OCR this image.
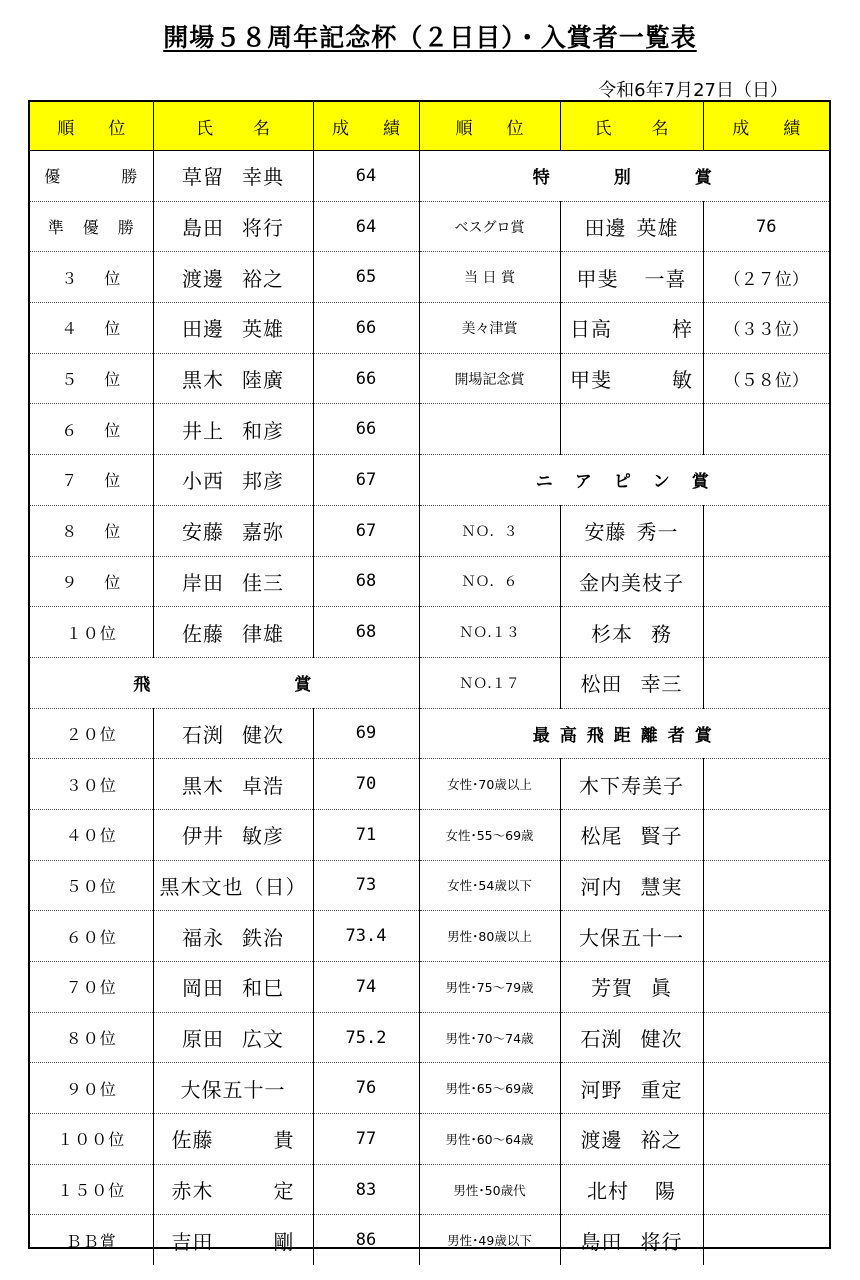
開場５８周年記念杯（２日目）・入賞者一覧表
令和6年7月27日（日）
順 位	氏 名	成 績	順 位	氏 名	成 績
優 勝	草留 幸典	64	特 別 賞		
準 優 勝	島田 将行	64	ベスグロ賞	田邊 英雄	76
３ 位	渡邊 裕之	65	当 日 賞	甲斐 一喜	（２７位）
４ 位	田邊 英雄	66	美々津賞	日高 梓	（３３位）
５ 位	黒木 陸廣	66	開場記念賞	甲斐 敏	（５８位）
６ 位	井上 和彦	66			
７ 位	小西 邦彦	67	ニ ア ピ ン 賞		
８ 位	安藤 嘉弥	67	ＮＯ．３	安藤 秀一	
９ 位	岸田 佳三	68	ＮＯ．６	金内美枝子	
１０位	佐藤 律雄	68	ＮＯ.１３	杉本 務	
飛 賞			ＮＯ.１７	松田 幸三	
２０位	石渕 健次	69	最 高 飛 距 離 者 賞		
３０位	黒木 卓浩	70	女性･70歳以上	木下寿美子	
４０位	伊井 敏彦	71	女性･55～69歳	松尾 賢子	
５０位	黒木文也（日）	73	女性･54歳以下	河内 慧実	
６０位	福永 鉄治	73.4	男性･80歳以上	大保五十一	
７０位	岡田 和巳	74	男性･75～79歳	芳賀 眞	
８０位	原田 広文	75.2	男性･70～74歳	石渕 健次	
９０位	大保五十一	76	男性･65～69歳	河野 重定	
１００位	佐藤 貴	77	男性･60～64歳	渡邊 裕之	
１５０位	赤木 定	83	男性･50歳代	北村 陽	
ＢＢ賞	吉田 剛	86	男性･49歳以下	島田 将行	
